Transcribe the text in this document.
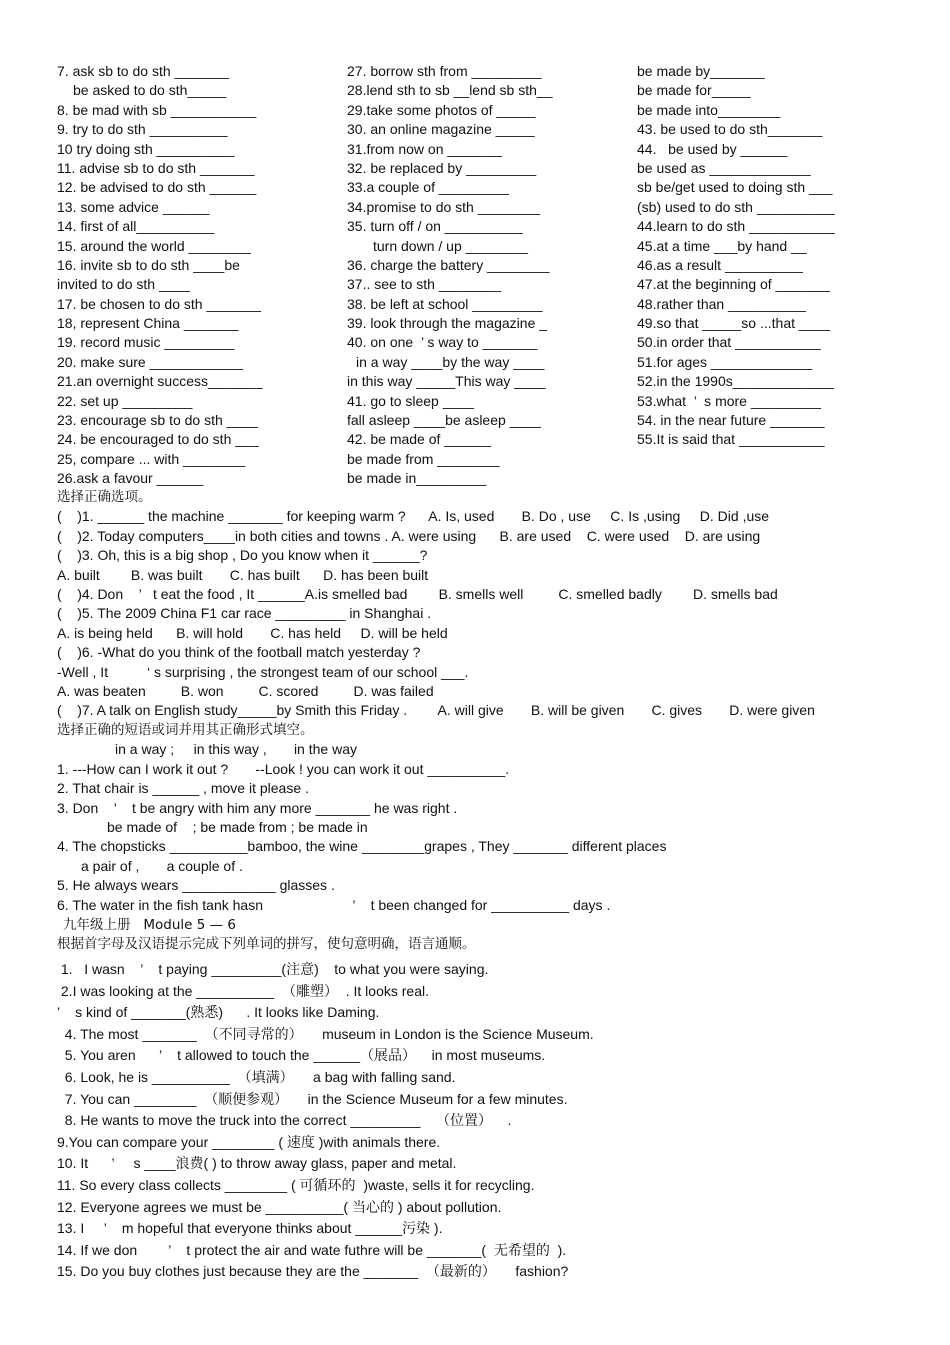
7. ask sb to do sth _______
be asked to do sth_____
8. be mad with sb ___________
9. try to do sth __________
10 try doing sth __________
11. advise sb to do sth _______
12. be advised to do sth ______
13. some advice ______
14. first of all__________
15. around the world ________
16. invite sb to do sth ____be
invited to do sth ____
17. be chosen to do sth _______
18, represent China _______
19. record music _________
20. make sure ____________
21.an overnight success_______
22. set up _________
23. encourage sb to do sth ____
24. be encouraged to do sth ___
25, compare ... with ________
26.ask a favour ______
27. borrow sth from _________
28.lend sth to sb __lend sb sth__
29.take some photos of _____
30. an online magazine _____
31.from now on _______
32. be replaced by _________
33.a couple of _________
34.promise to do sth ________
35. turn off / on __________
turn down / up ________
36. charge the battery ________
37.. see to sth ________
38. be left at school _________
39. look through the magazine _
40. on one  ’ s way to _______
in a way ____by the way ____
in this way _____This way ____
41. go to sleep ____
fall asleep ____be asleep ____
42. be made of ______
be made from ________
be made in_________
be made by_______
be made for_____
be made into________
43. be used to do sth_______
44.   be used by ______
be used as _____________
sb be/get used to doing sth ___
(sb) used to do sth __________
44.learn to do sth ___________
45.at a time ___by hand __
46.as a result __________
47.at the beginning of _______
48.rather than __________
49.so that _____so ...that ____
50.in order that ___________
51.for ages _____________
52.in the 1990s_____________
53.what  ’  s more _________
54. in the near future _______
55.It is said that ___________
选择正确选项。
(    )1. ______ the machine _______ for keeping warm ?      A. Is, used       B. Do , use     C. Is ,using     D. Did ,use
(    )2. Today computers____in both cities and towns . A. were using      B. are used    C. were used    D. are using
(    )3. Oh, this is a big shop , Do you know when it ______?
A. built        B. was built       C. has built      D. has been built
(    )4. Don    ’   t eat the food , It ______A.is smelled bad        B. smells well         C. smelled badly        D. smells bad
(    )5. The 2009 China F1 car race _________ in Shanghai .
A. is being held      B. will hold       C. has held     D. will be held
(    )6. -What do you think of the football match yesterday ?
-Well , It          ‘ s surprising , the strongest team of our school ___.
A. was beaten         B. won         C. scored         D. was failed
(    )7. A talk on English study_____by Smith this Friday .        A. will give       B. will be given       C. gives       D. were given
选择正确的短语或词并用其正确形式填空。
in a way ;     in this way ,       in the way
1. ---How can I work it out ?       --Look ! you can work it out __________.
2. That chair is ______ , move it please .
3. Don    ’    t be angry with him any more _______ he was right .
be made of    ; be made from ; be made in
4. The chopsticks __________bamboo, the wine ________grapes , They _______ different places
a pair of ,       a couple of .
5. He always wears ____________ glasses .
6. The water in the fish tank hasn                       ’    t been changed for __________ days .
九年级上册   Module 5 — 6
根据首字母及汉语提示完成下列单词的拼写，使句意明确，语言通顺。
1.   I wasn    ’    t paying _________(注意)    to what you were saying.
2.I was looking at the __________  （雕塑）  . It looks real.
’    s kind of _______(熟悉)      . It looks like Daming.
4. The most _______  （不同寻常的）     museum in London is the Science Museum.
5. You aren      ’    t allowed to touch the ______（展品）    in most museums.
6. Look, he is __________  （填满）     a bag with falling sand.
7. You can ________  （顺便参观）     in the Science Museum for a few minutes.
8. He wants to move the truck into the correct _________    （位置）    .
9.You can compare your ________ ( 速度 )with animals there.
10. It      ’     s ____浪费( ) to throw away glass, paper and metal.
11. So every class collects ________ ( 可循环的  )waste, sells it for recycling.
12. Everyone agrees we must be __________( 当心的 ) about pollution.
13. I     ’    m hopeful that everyone thinks about ______污染 ).
14. If we don        ’    t protect the air and wate futhre will be _______(  无希望的  ).
15. Do you buy clothes just because they are the _______  （最新的）     fashion?
